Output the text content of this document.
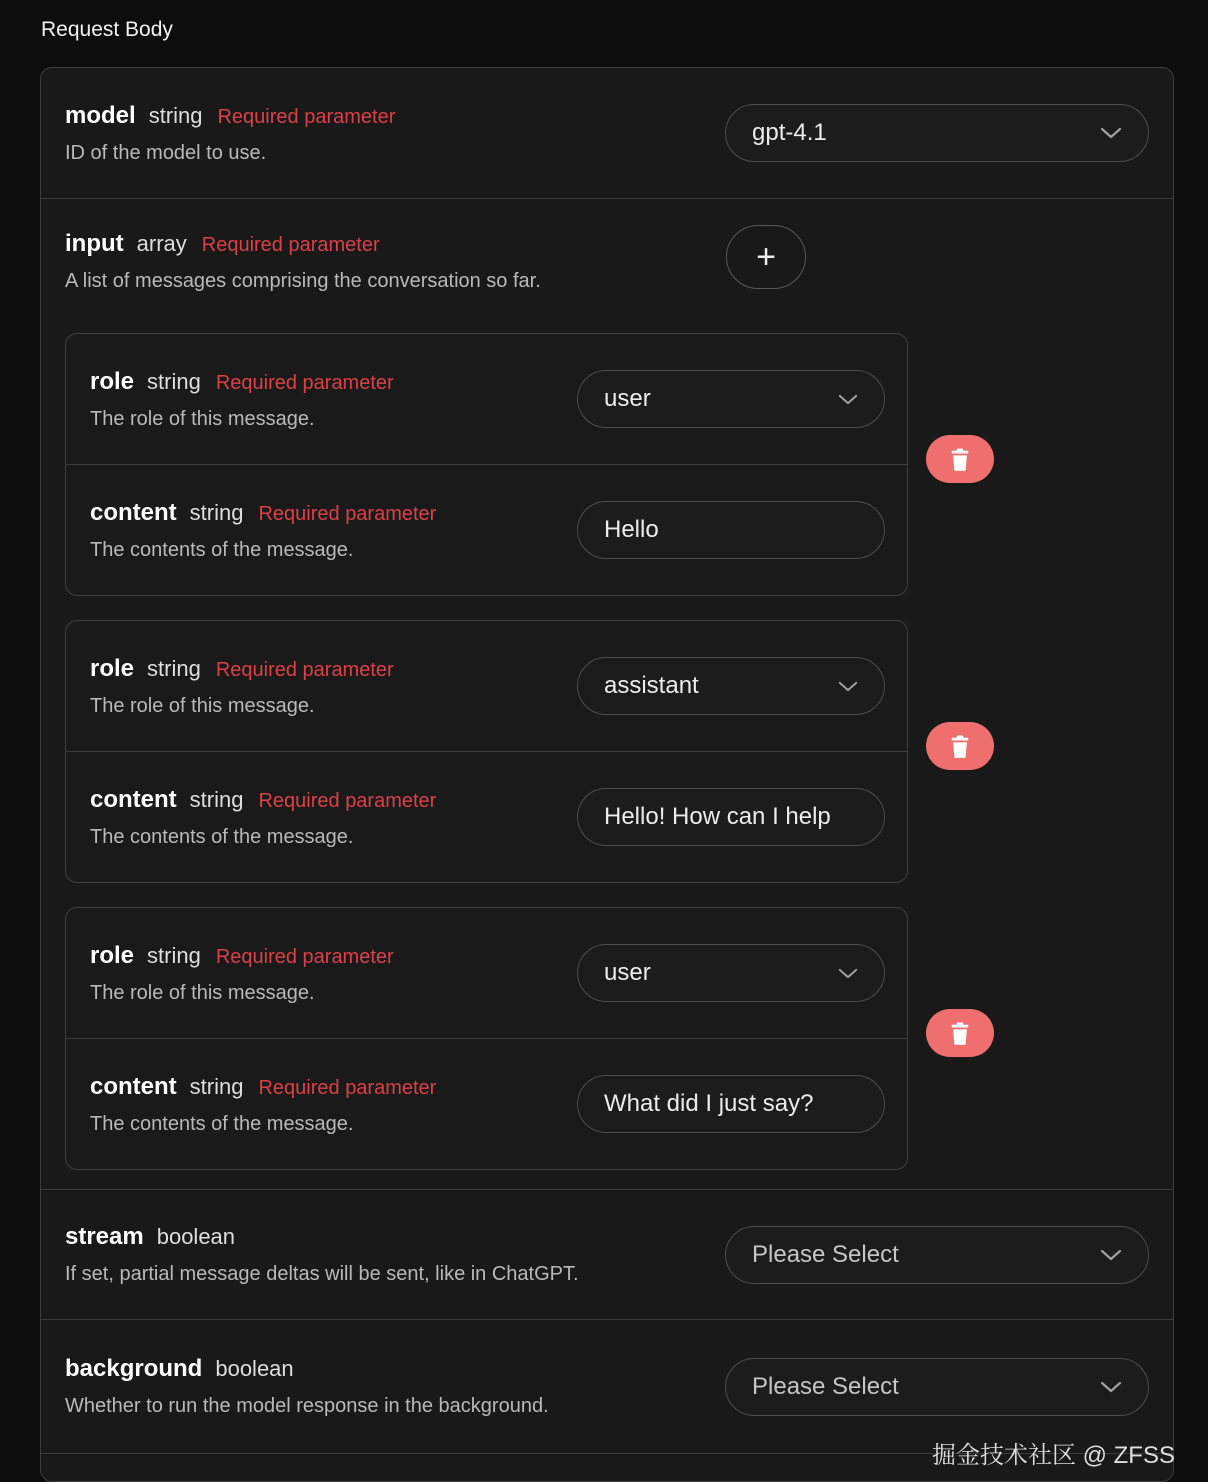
Request Body
model string Required parameter
ID of the model to use.
gpt-4.1
input array Required parameter
A list of messages comprising the conversation so far.
+
role string Required parameter
The role of this message.
user
content string Required parameter
The contents of the message.
Hello
role string Required parameter
The role of this message.
assistant
content string Required parameter
The contents of the message.
Hello! How can I help
role string Required parameter
The role of this message.
user
content string Required parameter
The contents of the message.
What did I just say?
stream boolean
If set, partial message deltas will be sent, like in ChatGPT.
Please Select
background boolean
Whether to run the model response in the background.
Please Select
掘金技术社区 @ ZFSS
